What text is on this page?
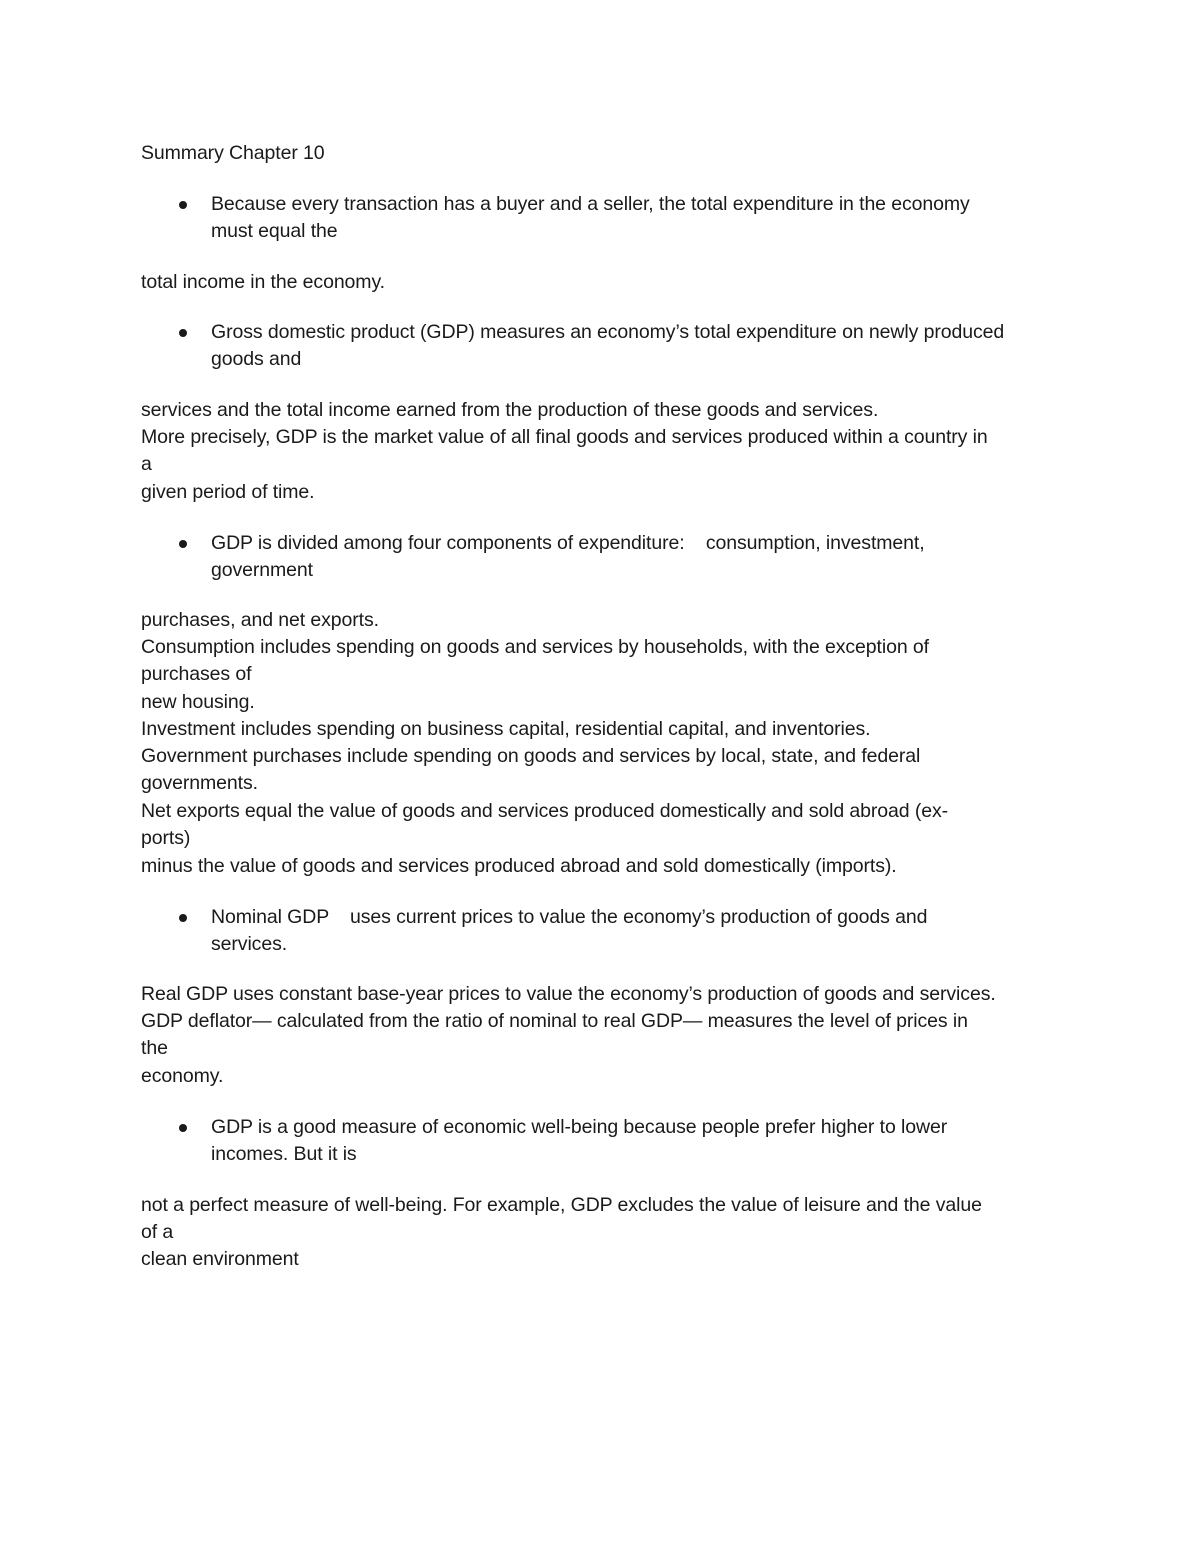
Summary Chapter 10

Because every transaction has a buyer and a seller, the total expenditure in the economy
must equal the

total income in the economy.

Gross domestic product (GDP) measures an economy’s total expenditure on newly produced
goods and

services and the total income earned from the production of these goods and services.

More precisely, GDP is the market value of all final goods and services produced within a country in

a

given period of time.

GDP is divided among four components of expenditure:    consumption, investment,
government

purchases, and net exports.

Consumption includes spending on goods and services by households, with the exception of

purchases of

new housing.

Investment includes spending on business capital, residential capital, and inventories.

Government purchases include spending on goods and services by local, state, and federal

governments.

Net exports equal the value of goods and services produced domestically and sold abroad (ex-

ports)

minus the value of goods and services produced abroad and sold domestically (imports).

Nominal GDP    uses current prices to value the economy’s production of goods and
services.

Real GDP uses constant base-year prices to value the economy’s production of goods and services.

GDP deflator— calculated from the ratio of nominal to real GDP— measures the level of prices in

the

economy.

GDP is a good measure of economic well-being because people prefer higher to lower
incomes. But it is

not a perfect measure of well-being. For example, GDP excludes the value of leisure and the value

of a

clean environment
